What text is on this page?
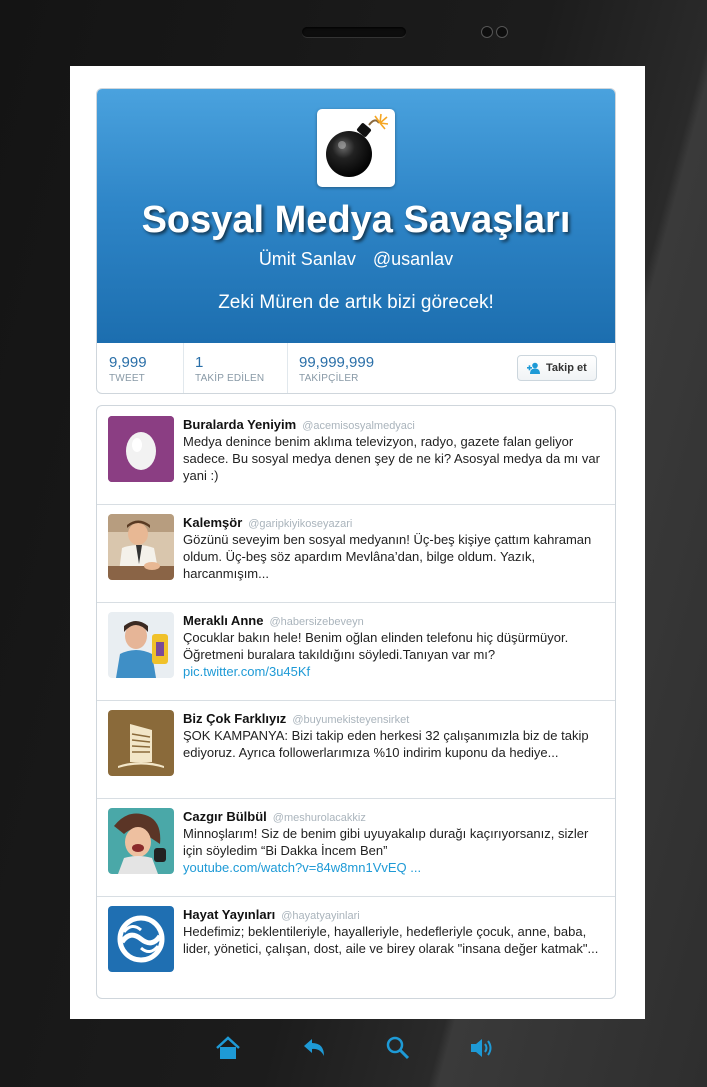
Sosyal Medya Savaşları
Ümit Sanlav @usanlav
Zeki Müren de artık bizi görecek!
9,999
TWEET
1
TAKİP EDİLEN
99,999,999
TAKİPÇİLER
Takip et
Buralarda Yeniyim @acemisosyalmedyaci
Medya denince benim aklıma televizyon, radyo, gazete falan geliyor sadece. Bu sosyal medya denen şey de ne ki? Asosyal medya da mı var yani :)
Kalemşör @garipkiyikoseyazari
Gözünü seveyim ben sosyal medyanın! Üç-beş kişiye çattım kahraman oldum. Üç-beş söz apardım Mevlâna’dan, bilge oldum. Yazık, harcanmışım...
Meraklı Anne @habersizebeveyn
Çocuklar bakın hele! Benim oğlan elinden telefonu hiç düşürmüyor. Öğretmeni buralara takıldığını söyledi.Tanıyan var mı?
pic.twitter.com/3u45Kf
Biz Çok Farklıyız @buyumekisteyensirket
ŞOK KAMPANYA: Bizi takip eden herkesi 32 çalışanımızla biz de takip ediyoruz. Ayrıca followerlarımıza %10 indirim kuponu da hediye...
Cazgır Bülbül @meshurolacakkiz
Minnoşlarım! Siz de benim gibi uyuyakalıp durağı kaçırıyorsanız, sizler için söyledim “Bi Dakka İncem Ben”
youtube.com/watch?v=84w8mn1VvEQ ...
Hayat Yayınları @hayatyayinlari
Hedefimiz; beklentileriyle, hayalleriyle, hedefleriyle çocuk, anne, baba, lider, yönetici, çalışan, dost, aile ve birey olarak "insana değer katmak"...
